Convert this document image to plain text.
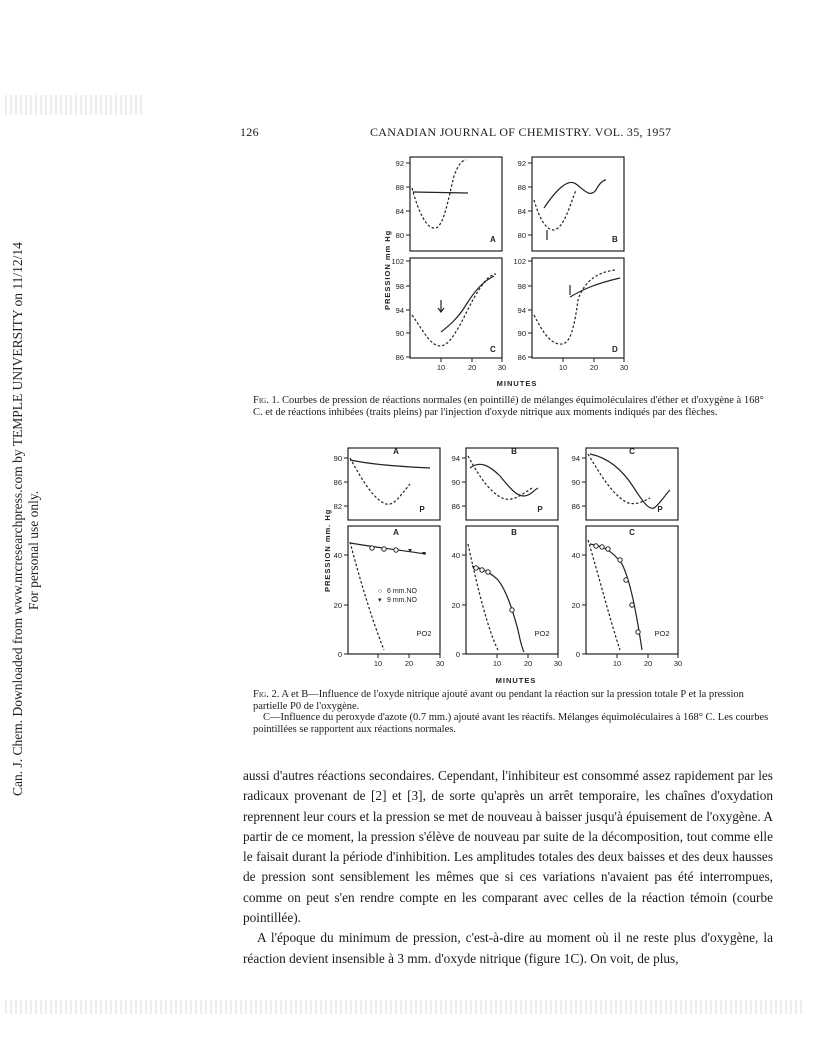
126	CANADIAN JOURNAL OF CHEMISTRY. VOL. 35, 1957
Can. J. Chem. Downloaded from www.nrcresearchpress.com by TEMPLE UNIVERSITY on 11/12/14 For personal use only.
92
88
84
80
92
88
84
80
102
98
94
90
86
102
98
94
90
86
10	20	30	10	20	30
MINUTES
A	B
C	D
PRESSION mm Hg
Fig. 1. Courbes de pression de réactions normales (en pointillé) de mélanges équimoléculaires d'éther et d'oxygène à 168° C. et de réactions inhibées (traits pleins) par l'injection d'oxyde nitrique aux moments indiqués par des flèches.
90
86
82
94
90
86
94
90
86
40
20
0
40
20
0
40
20
0
10	20	30	10	20	30	10	20	30
MINUTES
A	B	C
A	B	C
P	P	P
PO2	PO2	PO2
PRESSION mm. Hg	○ 6 mm.NO
▾ 9 mm.NO
Fig. 2. A et B—Influence de l'oxyde nitrique ajouté avant ou pendant la réaction sur la pression totale P et la pression partielle P0 de l'oxygène.
C—Influence du peroxyde d'azote (0.7 mm.) ajouté avant les réactifs. Mélanges équimoléculaires à 168° C. Les courbes pointillées se rapportent aux réactions normales.

aussi d'autres réactions secondaires. Cependant, l'inhibiteur est consommé assez rapidement par les radicaux provenant de [2] et [3], de sorte qu'après un arrêt temporaire, les chaînes d'oxydation reprennent leur cours et la pression se met de nouveau à baisser jusqu'à épuisement de l'oxygène. A partir de ce moment, la pression s'élève de nouveau par suite de la décomposition, tout comme elle le faisait durant la période d'inhibition. Les amplitudes totales des deux baisses et des deux hausses de pression sont sensiblement les mêmes que si ces variations n'avaient pas été interrompues, comme on peut s'en rendre compte en les comparant avec celles de la réaction témoin (courbe pointillée).

A l'époque du minimum de pression, c'est-à-dire au moment où il ne reste plus d'oxygène, la réaction devient insensible à 3 mm. d'oxyde nitrique (figure 1C). On voit, de plus,
